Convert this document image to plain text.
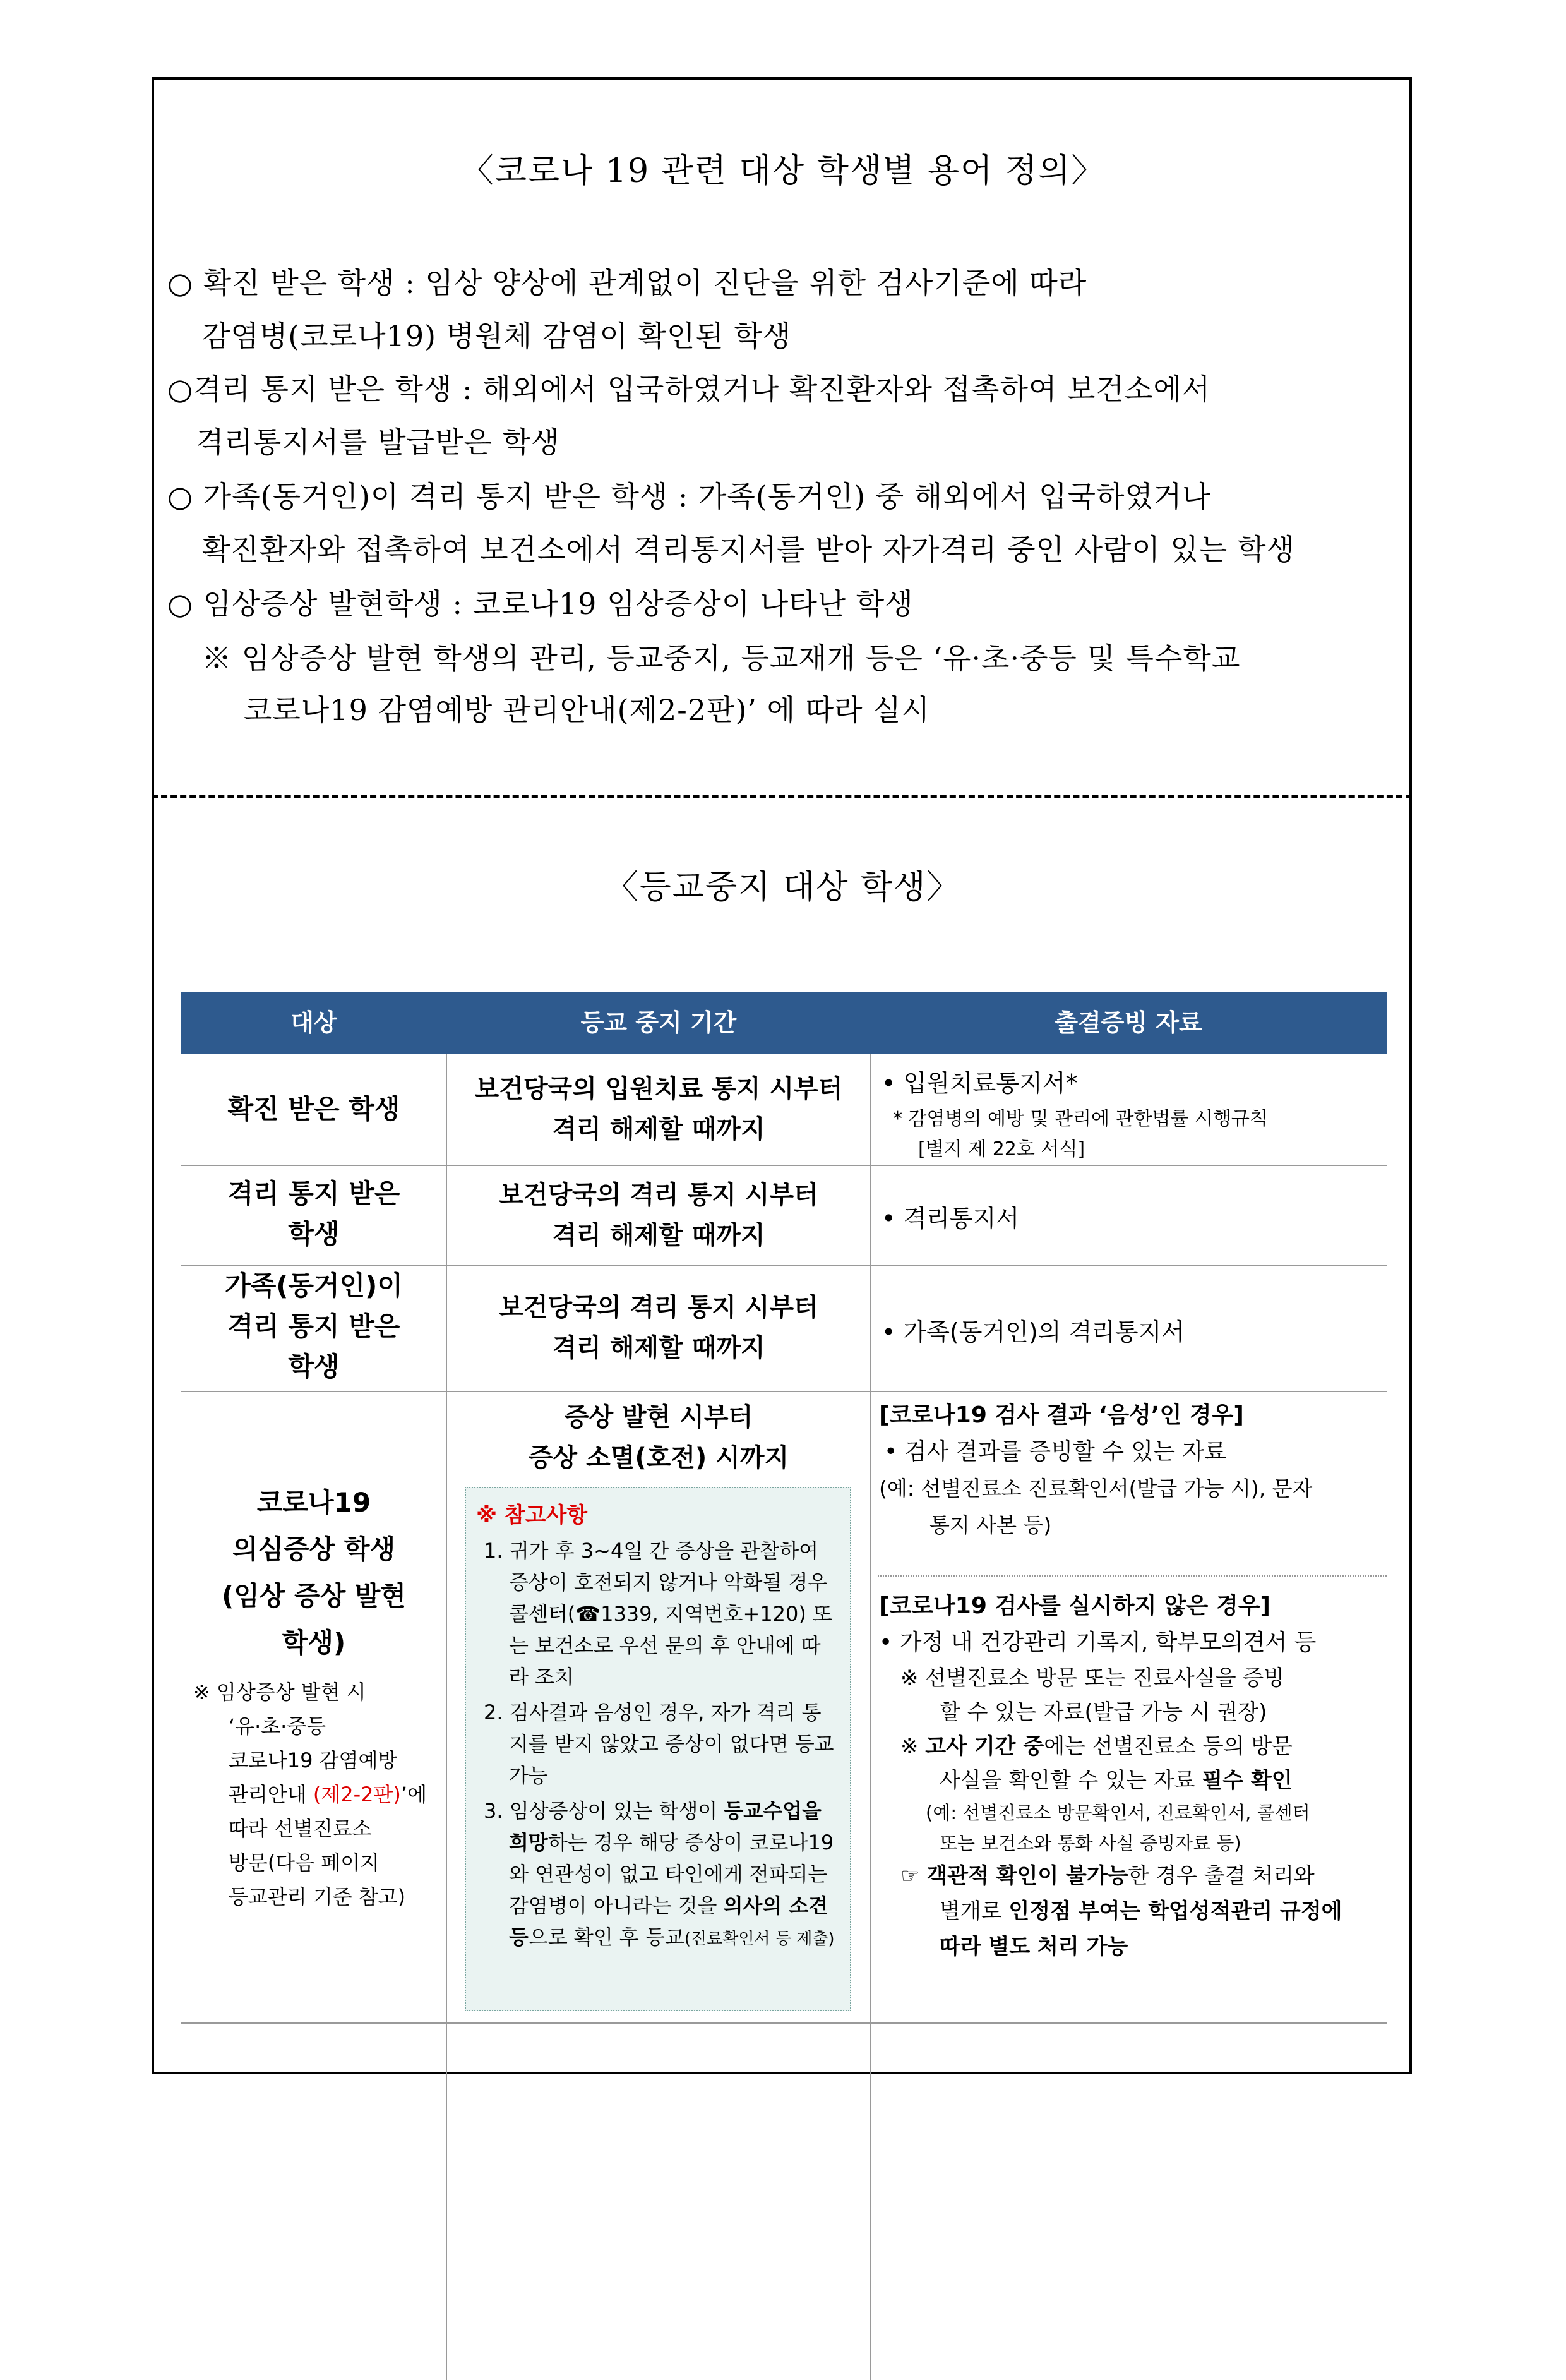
〈코로나 19 관련 대상 학생별 용어 정의〉
○ 확진 받은 학생 : 임상 양상에 관계없이 진단을 위한 검사기준에 따라
감염병(코로나19) 병원체 감염이 확인된 학생
○격리 통지 받은 학생 : 해외에서 입국하였거나 확진환자와 접촉하여 보건소에서
격리통지서를 발급받은 학생
○ 가족(동거인)이 격리 통지 받은 학생 : 가족(동거인) 중 해외에서 입국하였거나
확진환자와 접촉하여 보건소에서 격리통지서를 받아 자가격리 중인 사람이 있는 학생
○ 임상증상 발현학생 : 코로나19 임상증상이 나타난 학생
※ 임상증상 발현 학생의 관리, 등교중지, 등교재개 등은 ‘유·초·중등 및 특수학교
코로나19 감염예방 관리안내(제2-2판)’ 에 따라 실시
〈등교중지 대상 학생〉
대상	등교 중지 기간	출결증빙 자료
확진 받은 학생
보건당국의 입원치료 통지 시부터
격리 해제할 때까지
• 입원치료통지서*
* 감염병의 예방 및 관리에 관한법률 시행규칙
[별지 제 22호 서식]
격리 통지 받은
학생
보건당국의 격리 통지 시부터
격리 해제할 때까지
• 격리통지서
가족(동거인)이
격리 통지 받은
학생
보건당국의 격리 통지 시부터
격리 해제할 때까지
• 가족(동거인)의 격리통지서
코로나19
의심증상 학생
(임상 증상 발현
학생)
※ 임상증상 발현 시
‘유·초·중등
코로나19 감염예방
관리안내 (제2-2판)’에
따라 선별진료소
방문(다음 페이지
등교관리 기준 참고)
증상 발현 시부터
증상 소멸(호전) 시까지
※ 참고사항
1. 귀가 후 3~4일 간 증상을 관찰하여 증상이 호전되지 않거나 악화될 경우 콜센터(☎1339, 지역번호+120) 또는 보건소로 우선 문의 후 안내에 따라 조치
2. 검사결과 음성인 경우, 자가 격리 통지를 받지 않았고 증상이 없다면 등교 가능
3. 임상증상이 있는 학생이 등교수업을 희망하는 경우 해당 증상이 코로나19와 연관성이 없고 타인에게 전파되는 감염병이 아니라는 것을 의사의 소견 등으로 확인 후 등교(진료확인서 등 제출)
[코로나19 검사 결과 ‘음성’인 경우]
• 검사 결과를 증빙할 수 있는 자료
(예: 선별진료소 진료확인서(발급 가능 시), 문자
통지 사본 등)
[코로나19 검사를 실시하지 않은 경우]
• 가정 내 건강관리 기록지, 학부모의견서 등
※ 선별진료소 방문 또는 진료사실을 증빙
할 수 있는 자료(발급 가능 시 권장)
※ 고사 기간 중에는 선별진료소 등의 방문
사실을 확인할 수 있는 자료 필수 확인
(예: 선별진료소 방문확인서, 진료확인서, 콜센터
또는 보건소와 통화 사실 증빙자료 등)
☞ 객관적 확인이 불가능한 경우 출결 처리와
별개로 인정점 부여는 학업성적관리 규정에
따라 별도 처리 가능
